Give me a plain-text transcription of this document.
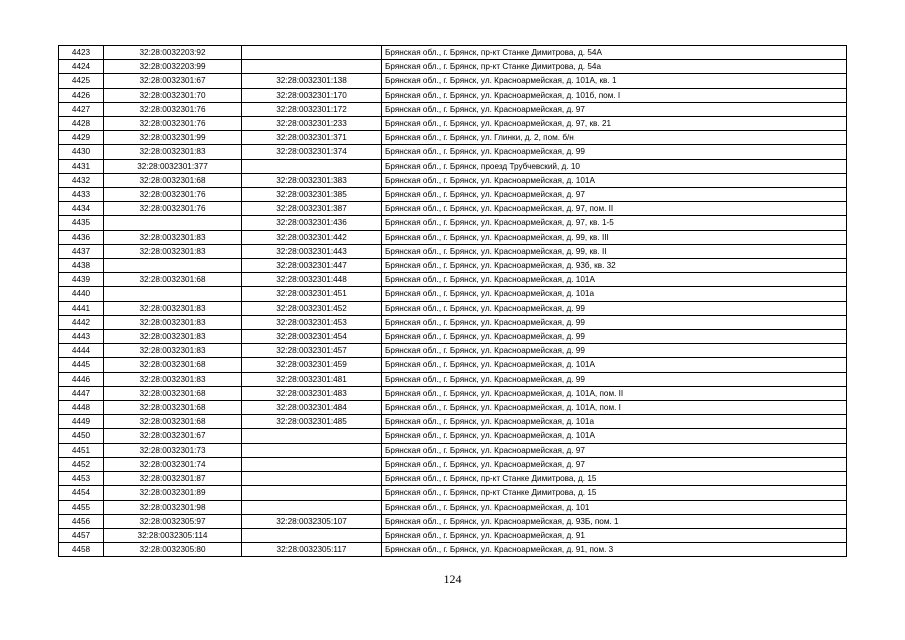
4423	32:28:0032203:92		Брянская обл., г. Брянск, пр-кт Станке Димитрова, д. 54А
4424	32:28:0032203:99		Брянская обл., г. Брянск, пр-кт Станке Димитрова, д. 54а
4425	32:28:0032301:67	32:28:0032301:138	Брянская обл., г. Брянск, ул. Красноармейская, д. 101А, кв. 1
4426	32:28:0032301:70	32:28:0032301:170	Брянская обл., г. Брянск, ул. Красноармейская, д. 101б, пом. I
4427	32:28:0032301:76	32:28:0032301:172	Брянская обл., г. Брянск, ул. Красноармейская, д. 97
4428	32:28:0032301:76	32:28:0032301:233	Брянская обл., г. Брянск, ул. Красноармейская, д. 97, кв. 21
4429	32:28:0032301:99	32:28:0032301:371	Брянская обл., г. Брянск, ул. Глинки, д. 2, пом. б/н
4430	32:28:0032301:83	32:28:0032301:374	Брянская обл., г. Брянск, ул. Красноармейская, д. 99
4431	32:28:0032301:377		Брянская обл., г. Брянск, проезд Трубчевский, д. 10
4432	32:28:0032301:68	32:28:0032301:383	Брянская обл., г. Брянск, ул. Красноармейская, д. 101А
4433	32:28:0032301:76	32:28:0032301:385	Брянская обл., г. Брянск, ул. Красноармейская, д. 97
4434	32:28:0032301:76	32:28:0032301:387	Брянская обл., г. Брянск, ул. Красноармейская, д. 97, пом. II
4435		32:28:0032301:436	Брянская обл., г. Брянск, ул. Красноармейская, д. 97, кв. 1-5
4436	32:28:0032301:83	32:28:0032301:442	Брянская обл., г. Брянск, ул. Красноармейская, д. 99, кв. III
4437	32:28:0032301:83	32:28:0032301:443	Брянская обл., г. Брянск, ул. Красноармейская, д. 99, кв. II
4438		32:28:0032301:447	Брянская обл., г. Брянск, ул. Красноармейская, д. 93б, кв. 32
4439	32:28:0032301:68	32:28:0032301:448	Брянская обл., г. Брянск, ул. Красноармейская, д. 101А
4440		32:28:0032301:451	Брянская обл., г. Брянск, ул. Красноармейская, д. 101а
4441	32:28:0032301:83	32:28:0032301:452	Брянская обл., г. Брянск, ул. Красноармейская, д. 99
4442	32:28:0032301:83	32:28:0032301:453	Брянская обл., г. Брянск, ул. Красноармейская, д. 99
4443	32:28:0032301:83	32:28:0032301:454	Брянская обл., г. Брянск, ул. Красноармейская, д. 99
4444	32:28:0032301:83	32:28:0032301:457	Брянская обл., г. Брянск, ул. Красноармейская, д. 99
4445	32:28:0032301:68	32:28:0032301:459	Брянская обл., г. Брянск, ул. Красноармейская, д. 101А
4446	32:28:0032301:83	32:28:0032301:481	Брянская обл., г. Брянск, ул. Красноармейская, д. 99
4447	32:28:0032301:68	32:28:0032301:483	Брянская обл., г. Брянск, ул. Красноармейская, д. 101А, пом. II
4448	32:28:0032301:68	32:28:0032301:484	Брянская обл., г. Брянск, ул. Красноармейская, д. 101А, пом. I
4449	32:28:0032301:68	32:28:0032301:485	Брянская обл., г. Брянск, ул. Красноармейская, д. 101а
4450	32:28:0032301:67		Брянская обл., г. Брянск, ул. Красноармейская, д. 101А
4451	32:28:0032301:73		Брянская обл., г. Брянск, ул. Красноармейская, д. 97
4452	32:28:0032301:74		Брянская обл., г. Брянск, ул. Красноармейская, д. 97
4453	32:28:0032301:87		Брянская обл., г. Брянск, пр-кт Станке Димитрова, д. 15
4454	32:28:0032301:89		Брянская обл., г. Брянск, пр-кт Станке Димитрова, д. 15
4455	32:28:0032301:98		Брянская обл., г. Брянск, ул. Красноармейская, д. 101
4456	32:28:0032305:97	32:28:0032305:107	Брянская обл., г. Брянск, ул. Красноармейская, д. 93Б, пом. 1
4457	32:28:0032305:114		Брянская обл., г. Брянск, ул. Красноармейская, д. 91
4458	32:28:0032305:80	32:28:0032305:117	Брянская обл., г. Брянск, ул. Красноармейская, д. 91, пом. 3
124
